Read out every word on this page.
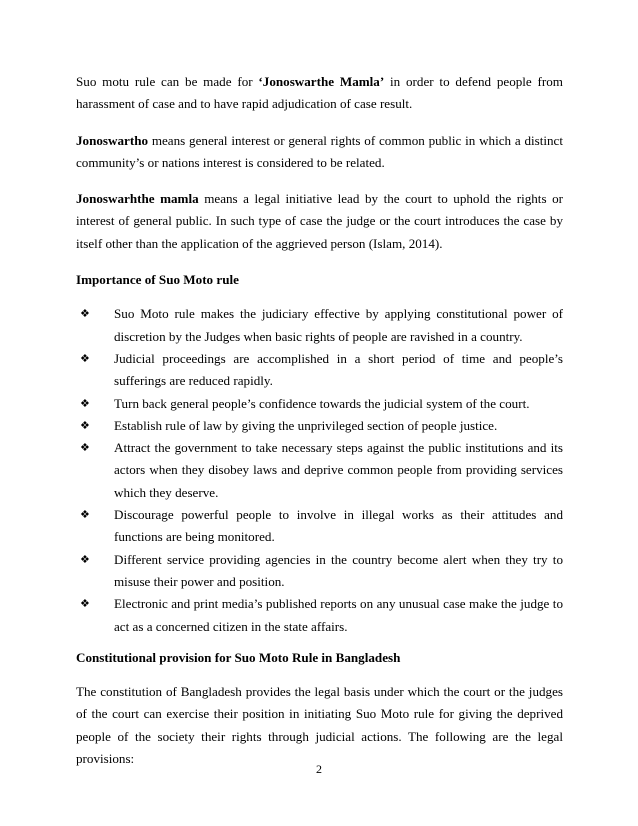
Suo motu rule can be made for ‘Jonoswarthe Mamla’ in order to defend people from harassment of case and to have rapid adjudication of case result.

Jonoswartho means general interest or general rights of common public in which a distinct community’s or nations interest is considered to be related.

Jonoswarhthe mamla means a legal initiative lead by the court to uphold the rights or interest of general public. In such type of case the judge or the court introduces the case by itself other than the application of the aggrieved person (Islam, 2014).

Importance of Suo Moto rule
❖ Suo Moto rule makes the judiciary effective by applying constitutional power of discretion by the Judges when basic rights of people are ravished in a country.
❖ Judicial proceedings are accomplished in a short period of time and people’s sufferings are reduced rapidly.
❖ Turn back general people’s confidence towards the judicial system of the court.
❖ Establish rule of law by giving the unprivileged section of people justice.
❖ Attract the government to take necessary steps against the public institutions and its actors when they disobey laws and deprive common people from providing services which they deserve.
❖ Discourage powerful people to involve in illegal works as their attitudes and functions are being monitored.
❖ Different service providing agencies in the country become alert when they try to misuse their power and position.
❖ Electronic and print media’s published reports on any unusual case make the judge to act as a concerned citizen in the state affairs.
Constitutional provision for Suo Moto Rule in Bangladesh

The constitution of Bangladesh provides the legal basis under which the court or the judges of the court can exercise their position in initiating Suo Moto rule for giving the deprived people of the society their rights through judicial actions. The following are the legal provisions:

2
